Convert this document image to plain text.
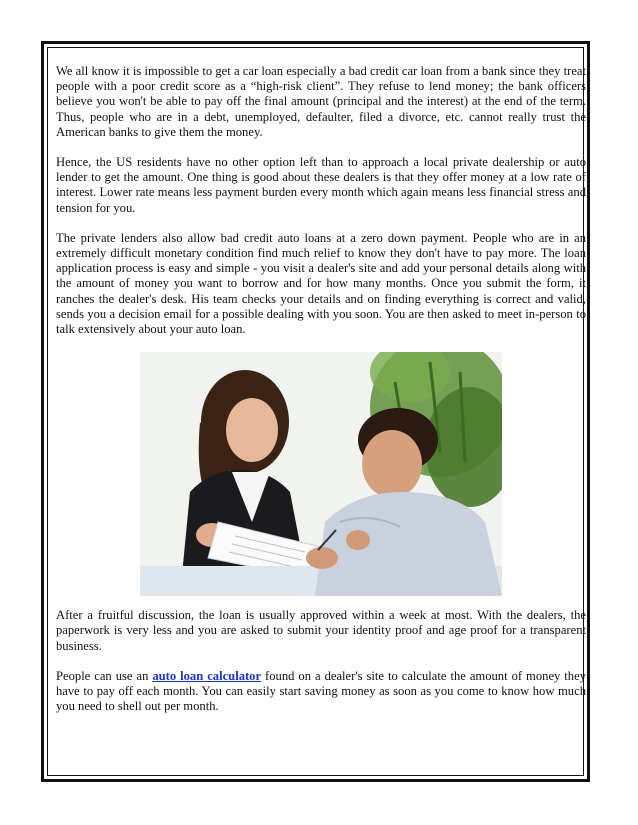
We all know it is impossible to get a car loan especially a bad credit car loan from a bank since they treat people with a poor credit score as a “high-risk client”. They refuse to lend money; the bank officers believe you won't be able to pay off the final amount (principal and the interest) at the end of the term. Thus, people who are in a debt, unemployed, defaulter, filed a divorce, etc. cannot really trust the American banks to give them the money.

Hence, the US residents have no other option left than to approach a local private dealership or auto lender to get the amount. One thing is good about these dealers is that they offer money at a low rate of interest. Lower rate means less payment burden every month which again means less financial stress and tension for you.

The private lenders also allow bad credit auto loans at a zero down payment. People who are in an extremely difficult monetary condition find much relief to know they don't have to pay more. The loan application process is easy and simple - you visit a dealer's site and add your personal details along with the amount of money you want to borrow and for how many months. Once you submit the form, it ranches the dealer's desk. His team checks your details and on finding everything is correct and valid, sends you a decision email for a possible dealing with you soon. You are then asked to meet in-person to talk extensively about your auto loan.

After a fruitful discussion, the loan is usually approved within a week at most. With the dealers, the paperwork is very less and you are asked to submit your identity proof and age proof for a transparent business.

People can use an auto loan calculator found on a dealer's site to calculate the amount of money they have to pay off each month. You can easily start saving money as soon as you come to know how much you need to shell out per month.
